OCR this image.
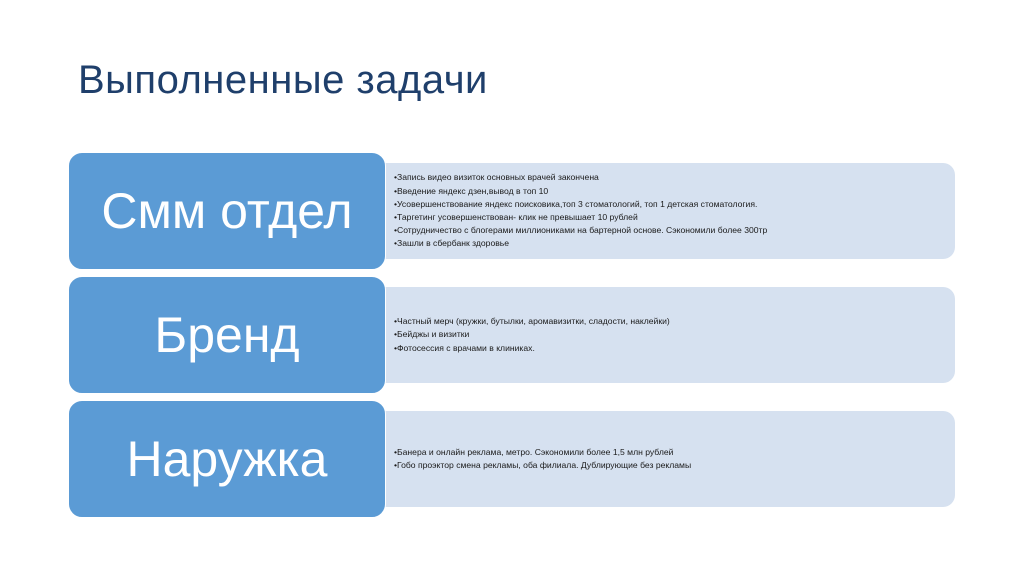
Выполненные задачи
• Запись видео визиток основных врачей закончена
• Введение яндекс дзен,вывод в топ 10
• Усовершенствование яндекс поисковика,топ 3 стоматологий, топ 1 детская стоматология.
• Таргетинг усовершенствован- клик не превышает 10 рублей
• Сотрудничество с блогерами миллиониками на бартерной основе. Сэкономили более 300тр
• Зашли в сбербанк здоровье
Смм отдел
• Частный мерч (кружки, бутылки, аромавизитки, сладости, наклейки)
• Бейджы и визитки
• Фотосессия с врачами в клиниках.
Бренд
• Банера и онлайн реклама, метро. Сэкономили более 1,5 млн рублей
• Гобо проэктор смена рекламы, оба филиала. Дублирующие без рекламы
Наружка
